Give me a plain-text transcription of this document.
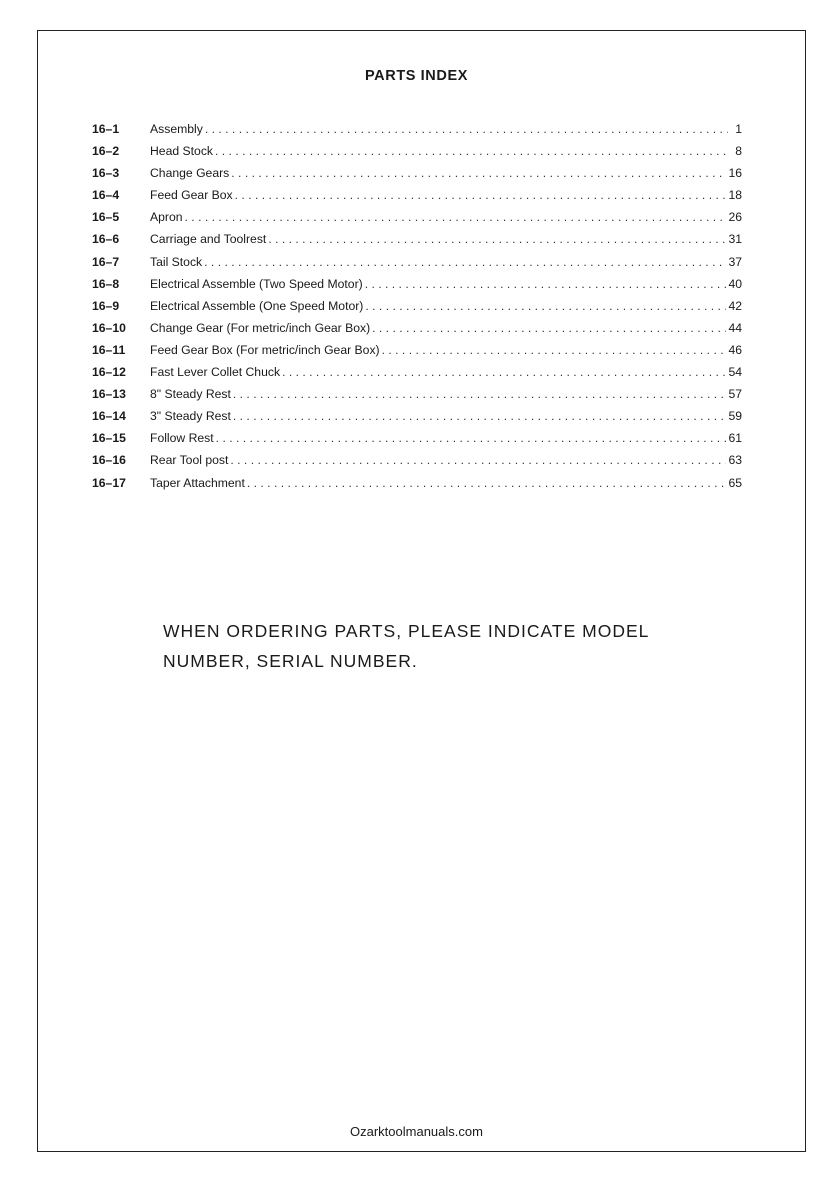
PARTS INDEX
16–1	Assembly . . .	1
16–2	Head Stock . . .	8
16–3	Change Gears . . .	16
16–4	Feed Gear Box . . .	18
16–5	Apron . . .	26
16–6	Carriage and Toolrest . . .	31
16–7	Tail Stock . . .	37
16–8	Electrical Assemble (Two Speed Motor) . . .	40
16–9	Electrical Assemble (One Speed Motor) . . .	42
16–10	Change Gear (For metric/inch Gear Box) . . .	44
16–11	Feed Gear Box (For metric/inch Gear Box) . . .	46
16–12	Fast Lever Collet Chuck . . .	54
16–13	8" Steady Rest . . .	57
16–14	3" Steady Rest . . .	59
16–15	Follow Rest . . .	61
16–16	Rear Tool post . . .	63
16–17	Taper Attachment . . .	65
WHEN ORDERING PARTS, PLEASE INDICATE MODEL
NUMBER, SERIAL NUMBER.
Ozarktoolmanuals.com
